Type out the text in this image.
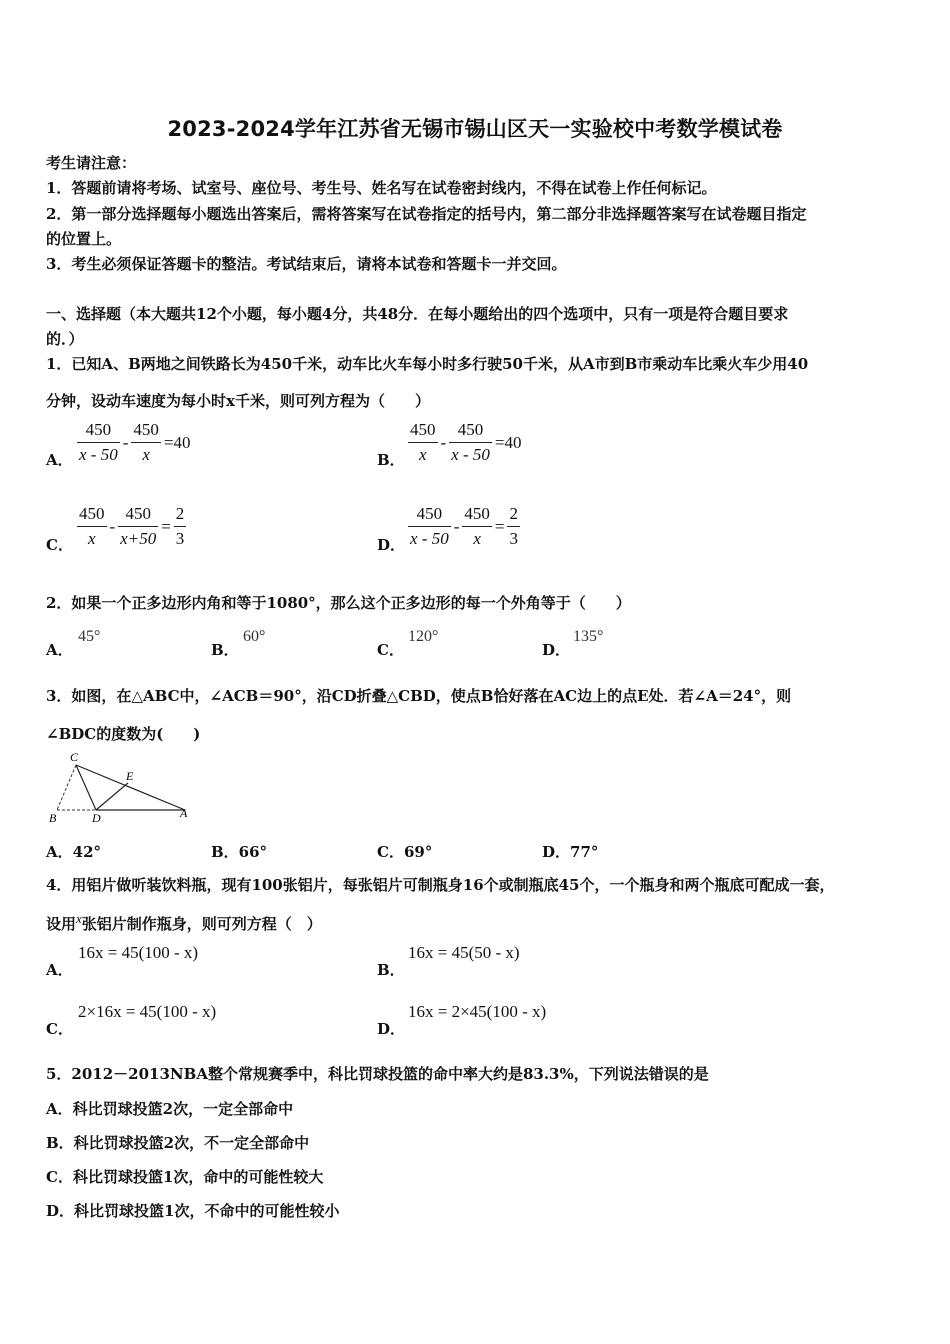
2023-2024学年江苏省无锡市锡山区天一实验校中考数学模试卷
考生请注意：
1．答题前请将考场、试室号、座位号、考生号、姓名写在试卷密封线内，不得在试卷上作任何标记。
2．第一部分选择题每小题选出答案后，需将答案写在试卷指定的括号内，第二部分非选择题答案写在试卷题目指定
的位置上。
3．考生必须保证答题卡的整洁。考试结束后，请将本试卷和答题卡一并交回。
一、选择题（本大题共12个小题，每小题4分，共48分．在每小题给出的四个选项中，只有一项是符合题目要求
的．）
1．已知A、B两地之间铁路长为450千米，动车比火车每小时多行驶50千米，从A市到B市乘动车比乘火车少用40
分钟，设动车速度为每小时x千米，则可列方程为（　　）
A． $\frac{450}{x - 50} - \frac{450}{x} =40$
B． $\frac{450}{x} - \frac{450}{x - 50} =40$
C． $\frac{450}{x} - \frac{450}{x+50} = \frac{2}{3}$	D． $\frac{450}{x - 50} - \frac{450}{x} = \frac{2}{3}$
2．如果一个正多边形内角和等于1080°，那么这个正多边形的每一个外角等于（　　）
A．
45°
B．
60°
C．
120°
D．
135°
3．如图，在△ABC中，∠ACB＝90°，沿CD折叠△CBD，使点B恰好落在AC边上的点E处．若∠A＝24°，则
∠BDC的度数为(　　)
C
E
B	D	A
A．42°	B．66°	C．69°	D．77°
4．用铝片做听装饮料瓶，现有100张铝片，每张铝片可制瓶身16个或制瓶底45个，一个瓶身和两个瓶底可配成一套，
设用$^x$张铝片制作瓶身，则可列方程（　）
A．
16x = 45(100 - x)
B．
16x = 45(50 - x)
C．
2×16x = 45(100 - x)
D．
16x = 2×45(100 - x)
5．2012－2013NBA整个常规赛季中，科比罚球投篮的命中率大约是83.3%，下列说法错误的是
A．科比罚球投篮2次，一定全部命中
B．科比罚球投篮2次，不一定全部命中
C．科比罚球投篮1次，命中的可能性较大
D．科比罚球投篮1次，不命中的可能性较小
